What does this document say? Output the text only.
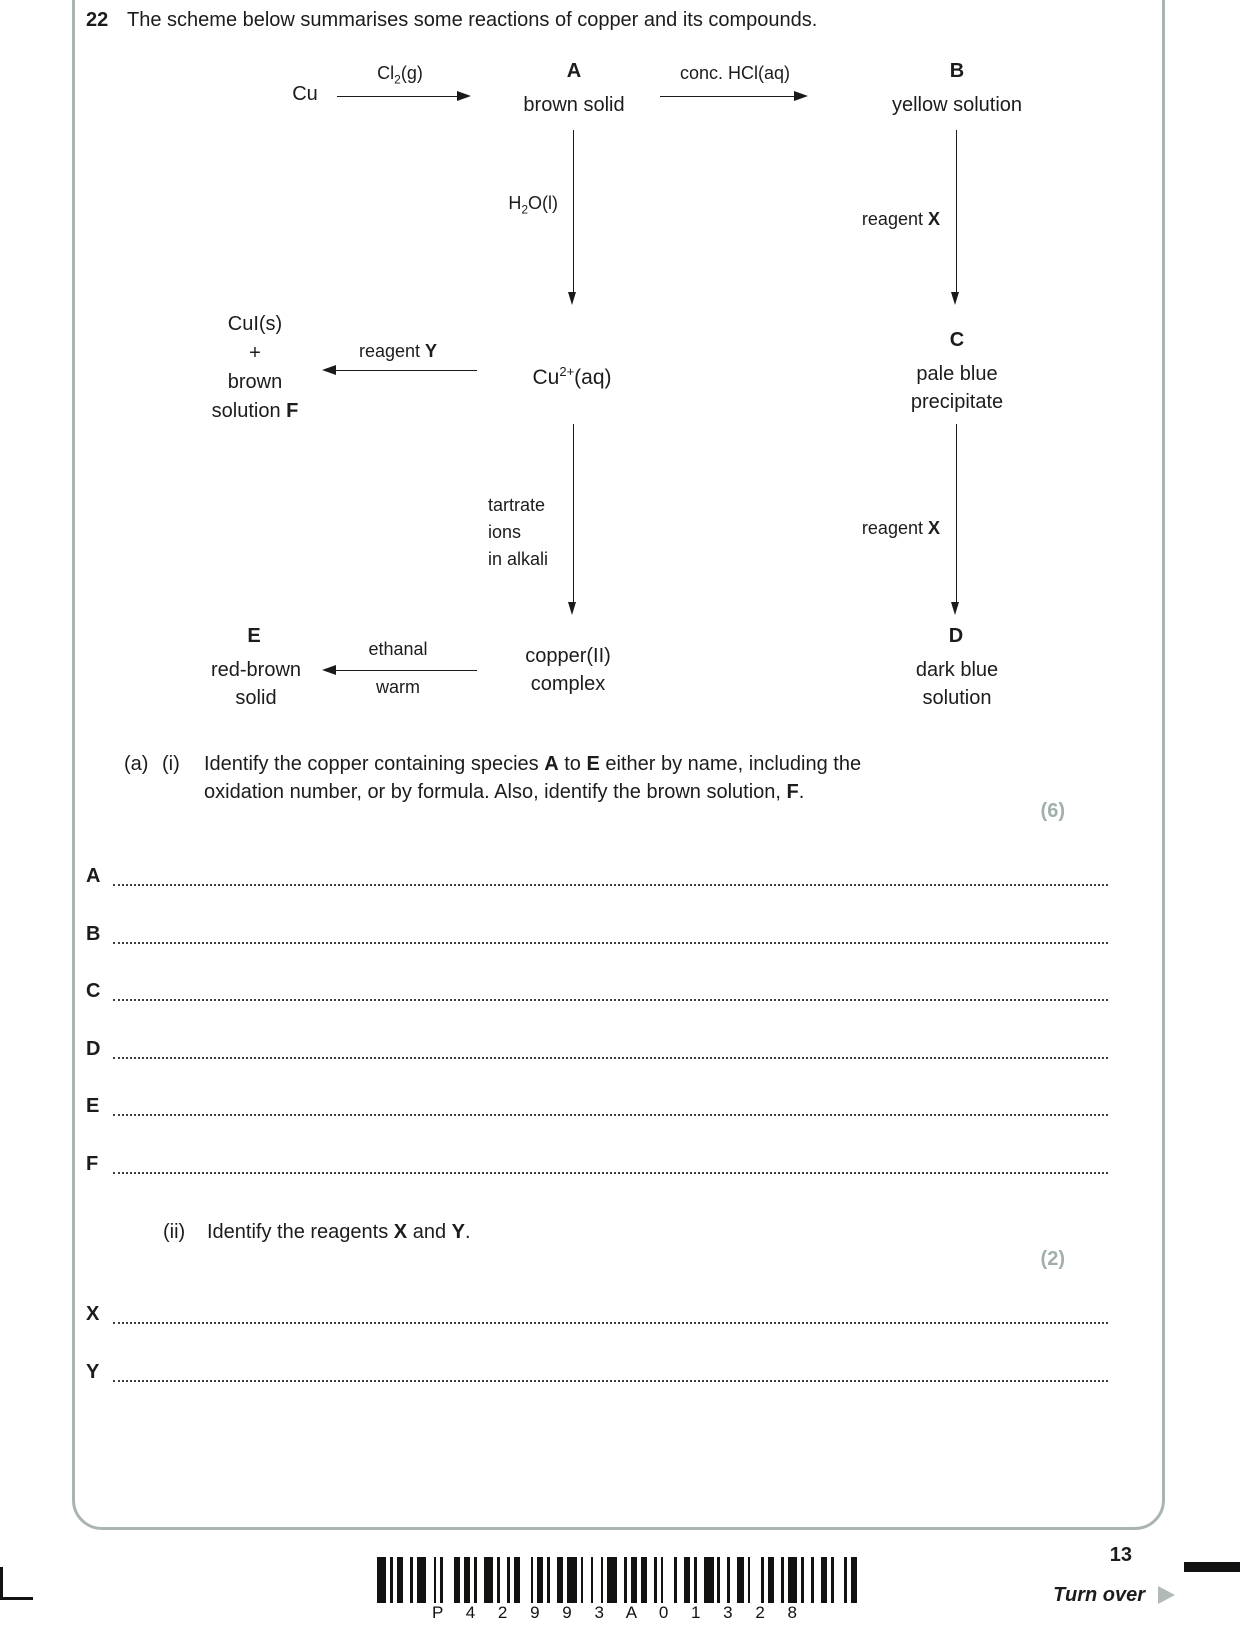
22 The scheme below summarises some reactions of copper and its compounds.
Cu
$Cl_2(g)$	A
brown solid
conc. HCl(aq)	B
yellow solution
$H_2O(l)$
reagent X
CuI(s)
+
brown
solution F
reagent Y
$Cu^{2+}(aq)$
C
pale blue
precipitate
tartrate
ions
in alkali
reagent X
E
red-brown
solid
ethanal
warm
copper(II)
complex
D
dark blue
solution
(a) (i) Identify the copper containing species A to E either by name, including the
oxidation number, or by formula. Also, identify the brown solution, F.
(6)
A
B
C
D
E
F
(ii) Identify the reagents X and Y.
(2)
X
Y
13
P 4 2 9 9 3 A 0 1 3 2 8
Turn over
